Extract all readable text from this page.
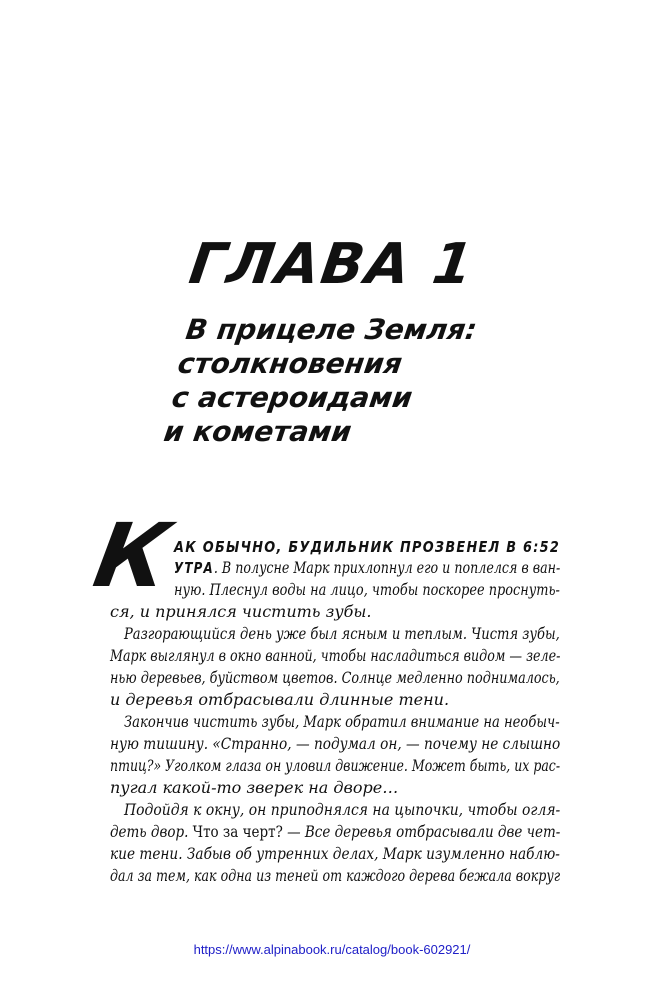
ГЛАВА 1
В прицеле Земля:
столкновения
с астероидами
и кометами
К
АК ОБЫЧНО, БУДИЛЬНИК ПРОЗВЕНЕЛ В 6:52
УТРА. В полусне Марк прихлопнул его и поплелся в ван-
ную. Плеснул воды на лицо, чтобы поскорее проснуть-
ся, и принялся чистить зубы.
Разгорающийся день уже был ясным и теплым. Чистя зубы,
Марк выглянул в окно ванной, чтобы насладиться видом — зеле-
нью деревьев, буйством цветов. Солнце медленно поднималось,
и деревья отбрасывали длинные тени.
Закончив чистить зубы, Марк обратил внимание на необыч-
ную тишину. «Странно, — подумал он, — почему не слышно
птиц?» Уголком глаза он уловил движение. Может быть, их рас-
пугал какой-то зверек на дворе…
Подойдя к окну, он приподнялся на цыпочки, чтобы огля-
деть двор. Что за черт? — Все деревья отбрасывали две чет-
кие тени. Забыв об утренних делах, Марк изумленно наблю-
дал за тем, как одна из теней от каждого дерева бежала вокруг
https://www.alpinabook.ru/catalog/book-602921/
